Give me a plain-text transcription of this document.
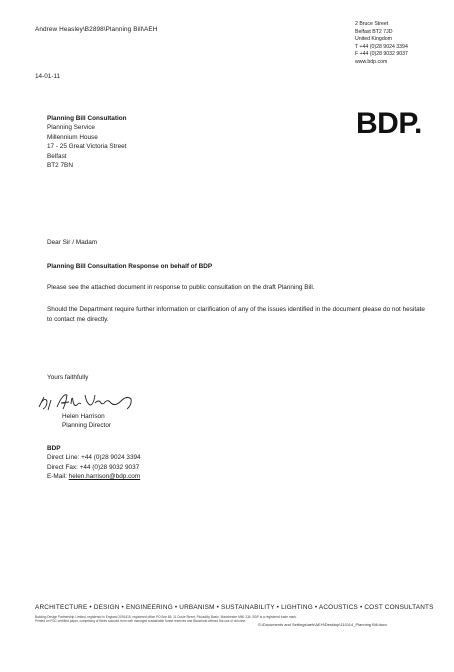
Andrew Heasley\B2898\Planning Bill\AEH
2 Bruce Street
Belfast BT2 7JD
United Kingdom
T +44 (0)28 9024 3394
F +44 (0)28 9032 9037
www.bdp.com
14-01-11
Planning Bill Consultation
Planning Service
Millennium House
17 - 25 Great Victoria Street
Belfast
BT2 7BN
BDP.
Dear Sir / Madam
Planning Bill Consultation Response on behalf of BDP
Please see the attached document in response to public consultation on the draft Planning Bill.
Should the Department require further information or clarification of any of the issues identified in the document please do not hesitate to contact me directly.
Yours faithfully
Helen Harrison
Planning Director
BDP
Direct Line: +44 (0)28 9024 3394
Direct Fax: +44 (0)28 9032 9037
E-Mail: helen.harrison@bdp.com
ARCHITECTURE • DESIGN • ENGINEERING • URBANISM • SUSTAINABILITY • LIGHTING • ACOUSTICS • COST CONSULTANTS
Building Design Partnership Limited, registered in England 2091415, registered office PO Box 85, 11 Ducie Street, Piccadilly Basin, Manchester M60 3JA. BDP is a registered trade mark.
Printed on FSC certified paper, comprising of fibres sourced from well managed sustainable forest reserves and Blauchold without the use of chlorine.
S:\Documents and Settings\aeh\AEH\Desktop\110114_Planning Bill.docx
